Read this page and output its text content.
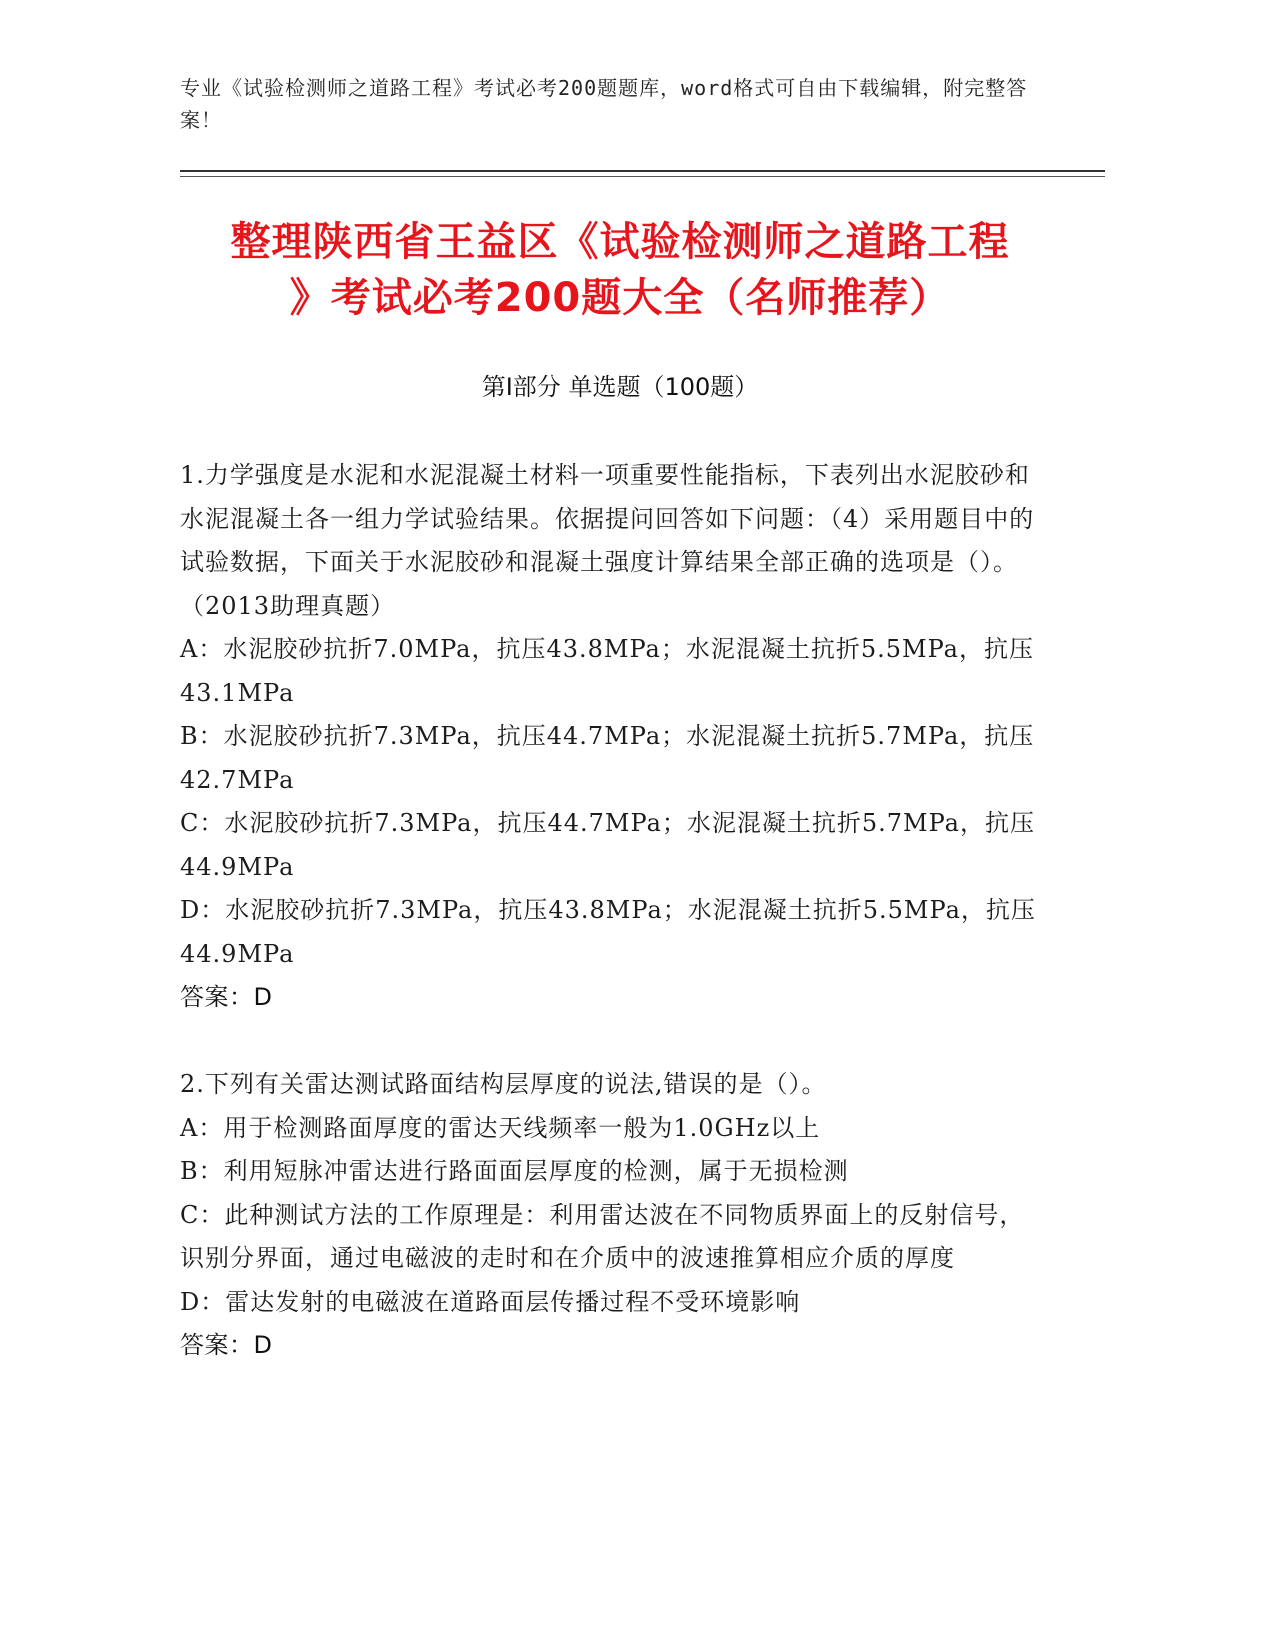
专业《试验检测师之道路工程》考试必考200题题库，word格式可自由下载编辑，附完整答案！
整理陕西省王益区《试验检测师之道路工程
》考试必考200题大全（名师推荐）
第Ⅰ部分 单选题（100题）
1.力学强度是水泥和水泥混凝土材料一项重要性能指标，下表列出水泥胶砂和水泥混凝土各一组力学试验结果。依据提问回答如下问题：（4）采用题目中的试验数据，下面关于水泥胶砂和混凝土强度计算结果全部正确的选项是（）。（2013助理真题）
A：水泥胶砂抗折7.0MPa，抗压43.8MPa；水泥混凝土抗折5.5MPa，抗压43.1MPa
B：水泥胶砂抗折7.3MPa，抗压44.7MPa；水泥混凝土抗折5.7MPa，抗压42.7MPa
C：水泥胶砂抗折7.3MPa，抗压44.7MPa；水泥混凝土抗折5.7MPa，抗压44.9MPa
D：水泥胶砂抗折7.3MPa，抗压43.8MPa；水泥混凝土抗折5.5MPa，抗压44.9MPa
答案：D
2.下列有关雷达测试路面结构层厚度的说法,错误的是（）。
A：用于检测路面厚度的雷达天线频率一般为1.0GHz以上
B：利用短脉冲雷达进行路面面层厚度的检测，属于无损检测
C：此种测试方法的工作原理是：利用雷达波在不同物质界面上的反射信号，识别分界面，通过电磁波的走时和在介质中的波速推算相应介质的厚度
D：雷达发射的电磁波在道路面层传播过程不受环境影响
答案：D
